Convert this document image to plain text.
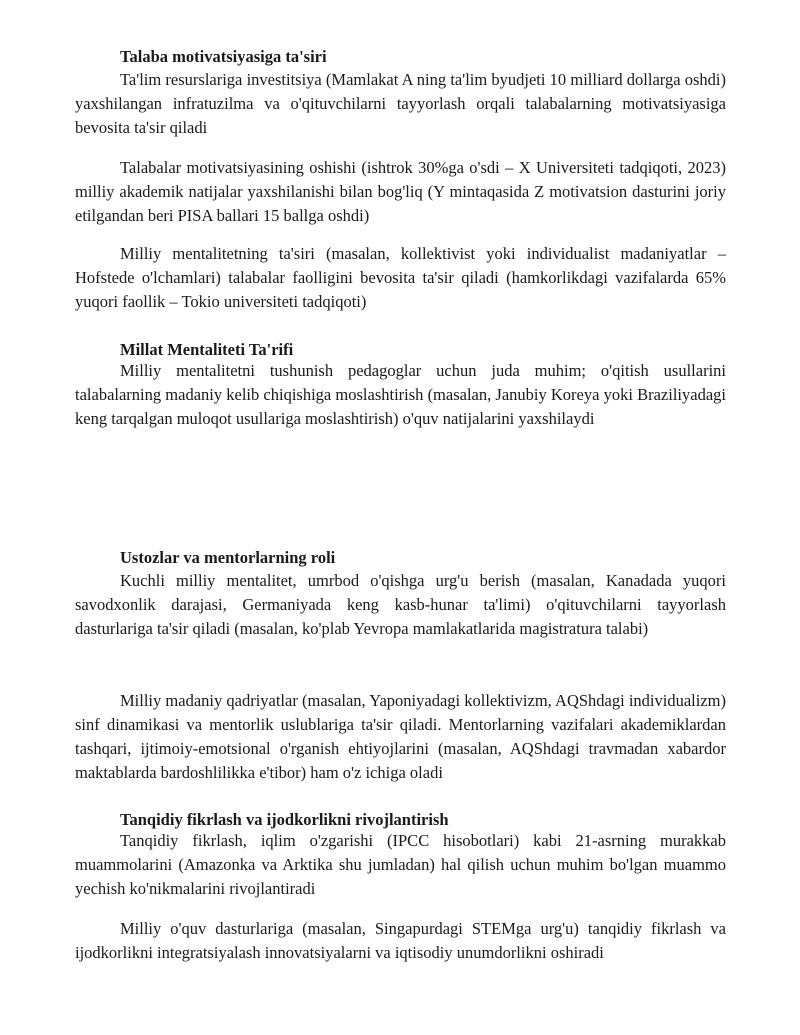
Talaba motivatsiyasiga ta'siri

Ta'lim resurslariga investitsiya (Mamlakat A ning ta'lim byudjeti 10 milliard dollarga oshdi) yaxshilangan infratuzilma va o'qituvchilarni tayyorlash orqali talabalarning motivatsiyasiga bevosita ta'sir qiladi

Talabalar motivatsiyasining oshishi (ishtrok 30%ga o'sdi – X Universiteti tadqiqoti, 2023) milliy akademik natijalar yaxshilanishi bilan bog'liq (Y mintaqasida Z motivatsion dasturini joriy etilgandan beri PISA ballari 15 ballga oshdi)

Milliy mentalitetning ta'siri (masalan, kollektivist yoki individualist madaniyatlar – Hofstede o'lchamlari) talabalar faolligini bevosita ta'sir qiladi (hamkorlikdagi vazifalarda 65% yuqori faollik – Tokio universiteti tadqiqoti)

Millat Mentaliteti Ta'rifi

Milliy mentalitetni tushunish pedagoglar uchun juda muhim; o'qitish usullarini talabalarning madaniy kelib chiqishiga moslashtirish (masalan, Janubiy Koreya yoki Braziliyadagi keng tarqalgan muloqot usullariga moslashtirish) o'quv natijalarini yaxshilaydi

Ustozlar va mentorlarning roli

Kuchli milliy mentalitet, umrbod o'qishga urg'u berish (masalan, Kanadada yuqori savodxonlik darajasi, Germaniyada keng kasb-hunar ta'limi) o'qituvchilarni tayyorlash dasturlariga ta'sir qiladi (masalan, ko'plab Yevropa mamlakatlarida magistratura talabi)

Milliy madaniy qadriyatlar (masalan, Yaponiyadagi kollektivizm, AQShdagi individualizm) sinf dinamikasi va mentorlik uslublariga ta'sir qiladi. Mentorlarning vazifalari akademiklardan tashqari, ijtimoiy-emotsional o'rganish ehtiyojlarini (masalan, AQShdagi travmadan xabardor maktablarda bardoshlilikka e'tibor) ham o'z ichiga oladi

Tanqidiy fikrlash va ijodkorlikni rivojlantirish

Tanqidiy fikrlash, iqlim o'zgarishi (IPCC hisobotlari) kabi 21-asrning murakkab muammolarini (Amazonka va Arktika shu jumladan) hal qilish uchun muhim bo'lgan muammo yechish ko'nikmalarini rivojlantiradi

Milliy o'quv dasturlariga (masalan, Singapurdagi STEMga urg'u) tanqidiy fikrlash va ijodkorlikni integratsiyalash innovatsiyalarni va iqtisodiy unumdorlikni oshiradi
